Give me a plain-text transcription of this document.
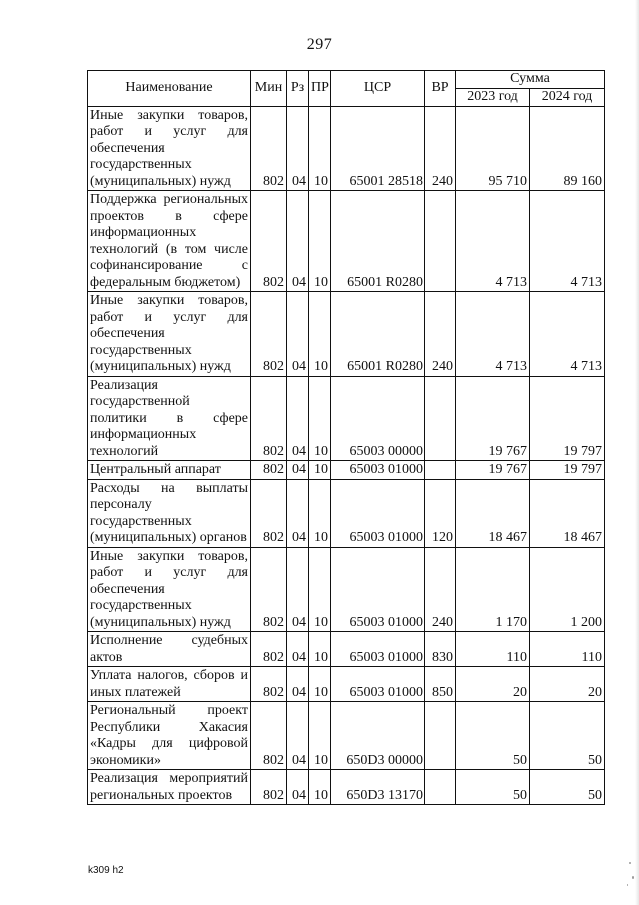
297
Наименование	Мин	Рз	ПР	ЦСР	ВР	Сумма	
						2023 год	2024 год
Иные закупки товаров, работ и услуг для обеспечения государственных (муниципальных) нужд	802	04	10	65001 28518	240	95 710	89 160
Поддержка региональных проектов в сфере информационных технологий (в том числе софинансирование с федеральным бюджетом)	802	04	10	65001 R0280		4 713	4 713
Иные закупки товаров, работ и услуг для обеспечения государственных (муниципальных) нужд	802	04	10	65001 R0280	240	4 713	4 713
Реализация государственной политики в сфере информационных технологий	802	04	10	65003 00000		19 767	19 797
Центральный аппарат	802	04	10	65003 01000		19 767	19 797
Расходы на выплаты персоналу государственных (муниципальных) органов	802	04	10	65003 01000	120	18 467	18 467
Иные закупки товаров, работ и услуг для обеспечения государственных (муниципальных) нужд	802	04	10	65003 01000	240	1 170	1 200
Исполнение судебных актов	802	04	10	65003 01000	830	110	110
Уплата налогов, сборов и иных платежей	802	04	10	65003 01000	850	20	20
Региональный проект Республики Хакасия «Кадры для цифровой экономики»	802	04	10	650D3 00000		50	50
Реализация мероприятий региональных проектов	802	04	10	650D3 13170		50	50
k309 h2
